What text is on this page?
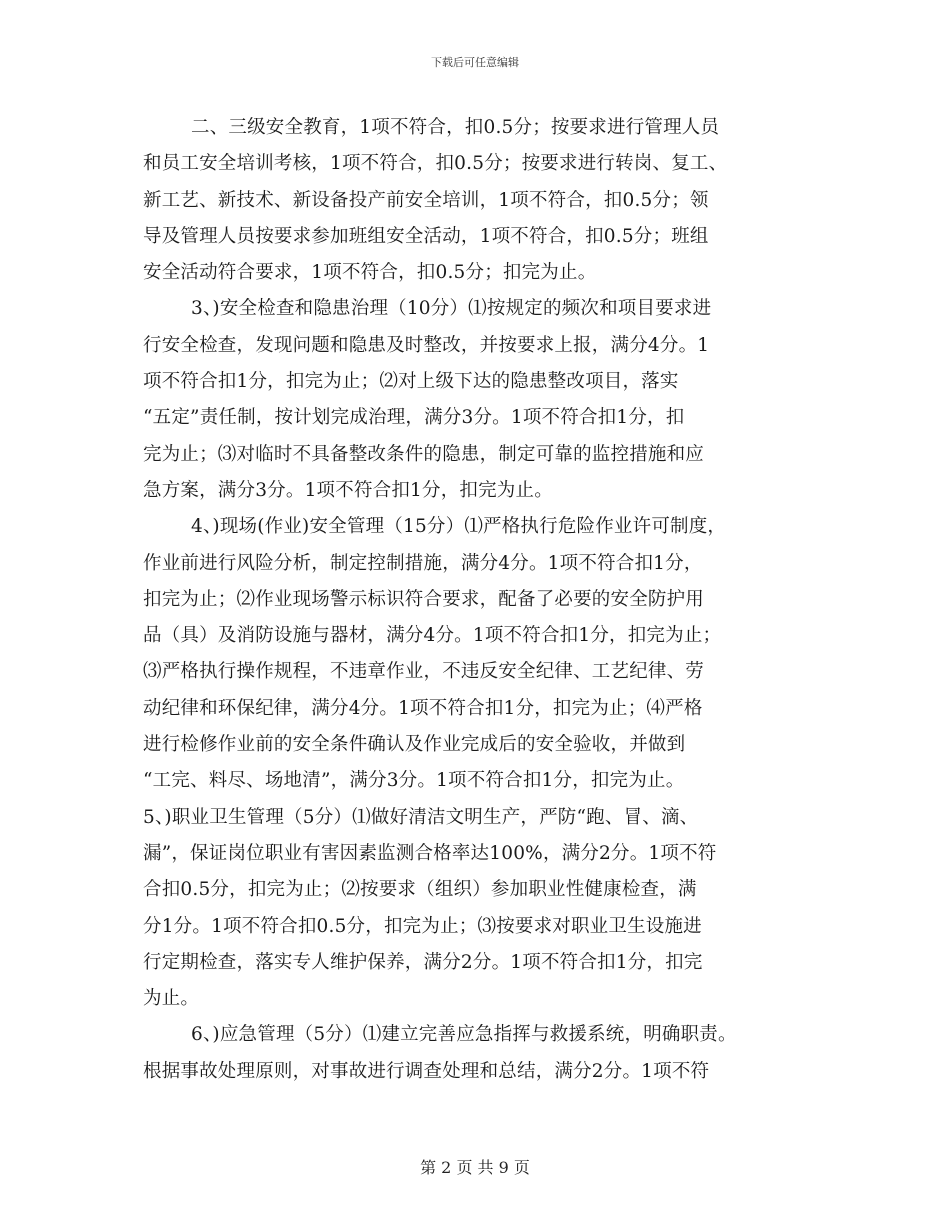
下载后可任意编辑
二、三级安全教育，1项不符合，扣0.5分；按要求进行管理人员
和员工安全培训考核，1项不符合，扣0.5分；按要求进行转岗、复工、
新工艺、新技术、新设备投产前安全培训，1项不符合，扣0.5分；领
导及管理人员按要求参加班组安全活动，1项不符合，扣0.5分；班组
安全活动符合要求，1项不符合，扣0.5分；扣完为止。
3、)安全检查和隐患治理（10分）⑴按规定的频次和项目要求进
行安全检查，发现问题和隐患及时整改，并按要求上报，满分4分。1
项不符合扣1分，扣完为止；⑵对上级下达的隐患整改项目，落实
“五定”责任制，按计划完成治理，满分3分。1项不符合扣1分，扣
完为止；⑶对临时不具备整改条件的隐患，制定可靠的监控措施和应
急方案，满分3分。1项不符合扣1分，扣完为止。
4、)现场(作业)安全管理（15分）⑴严格执行危险作业许可制度，
作业前进行风险分析，制定控制措施，满分4分。1项不符合扣1分，
扣完为止；⑵作业现场警示标识符合要求，配备了必要的安全防护用
品（具）及消防设施与器材，满分4分。1项不符合扣1分，扣完为止；
⑶严格执行操作规程，不违章作业，不违反安全纪律、工艺纪律、劳
动纪律和环保纪律，满分4分。1项不符合扣1分，扣完为止；⑷严格
进行检修作业前的安全条件确认及作业完成后的安全验收，并做到
“工完、料尽、场地清”，满分3分。1项不符合扣1分，扣完为止。
5、)职业卫生管理（5分）⑴做好清洁文明生产，严防“跑、冒、滴、
漏”，保证岗位职业有害因素监测合格率达100%，满分2分。1项不符
合扣0.5分，扣完为止；⑵按要求（组织）参加职业性健康检查，满
分1分。1项不符合扣0.5分，扣完为止；⑶按要求对职业卫生设施进
行定期检查，落实专人维护保养，满分2分。1项不符合扣1分，扣完
为止。
6、)应急管理（5分）⑴建立完善应急指挥与救援系统，明确职责。
根据事故处理原则，对事故进行调查处理和总结，满分2分。1项不符
第 2 页 共 9 页
